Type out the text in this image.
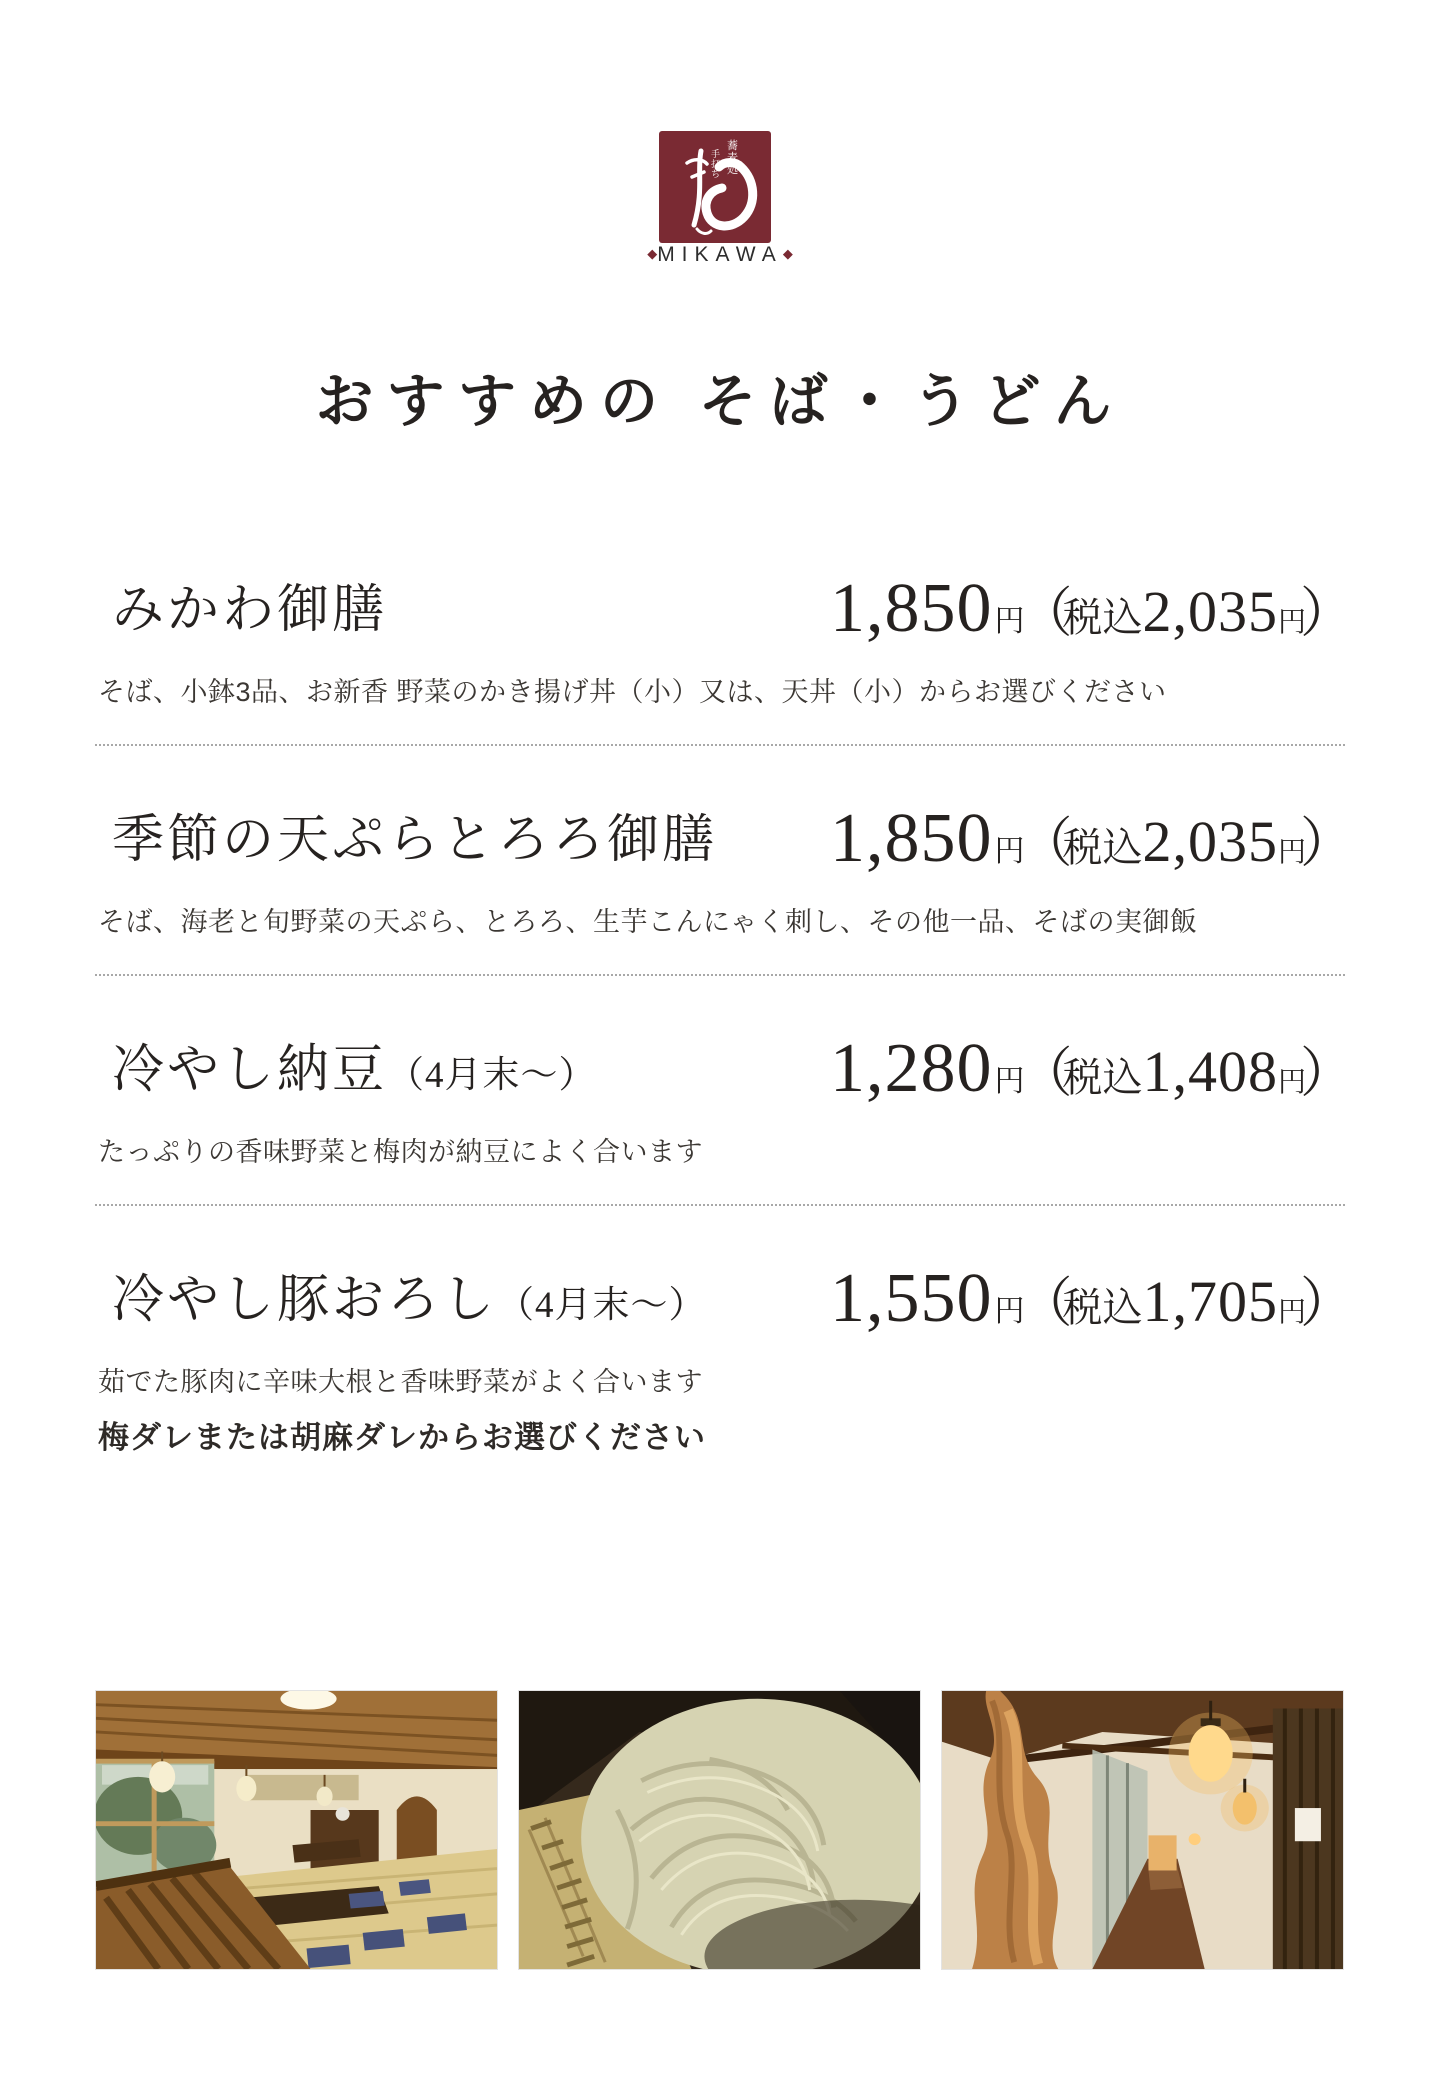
蕎
麦
処
手
打
ち
◆MIKAWA◆
おすすめの そば・うどん
みかわ御膳	1,850 円
（
税込 2,035 円
）
そば、小鉢3品、お新香 野菜のかき揚げ丼（小）又は、天丼（小）からお選びください
季節の天ぷらとろろ御膳 1,850 円
（
税込 2,035 円
）
そば、海老と旬野菜の天ぷら、とろろ、生芋こんにゃく刺し、その他一品、そばの実御飯
冷やし納豆（4月末〜）	1,280 円
（
税込 1,408 円
）
たっぷりの香味野菜と梅肉が納豆によく合います
冷やし豚おろし（4月末〜） 1,550 円
（
税込 1,705 円
）
茹でた豚肉に辛味大根と香味野菜がよく合います
梅ダレまたは胡麻ダレからお選びください
